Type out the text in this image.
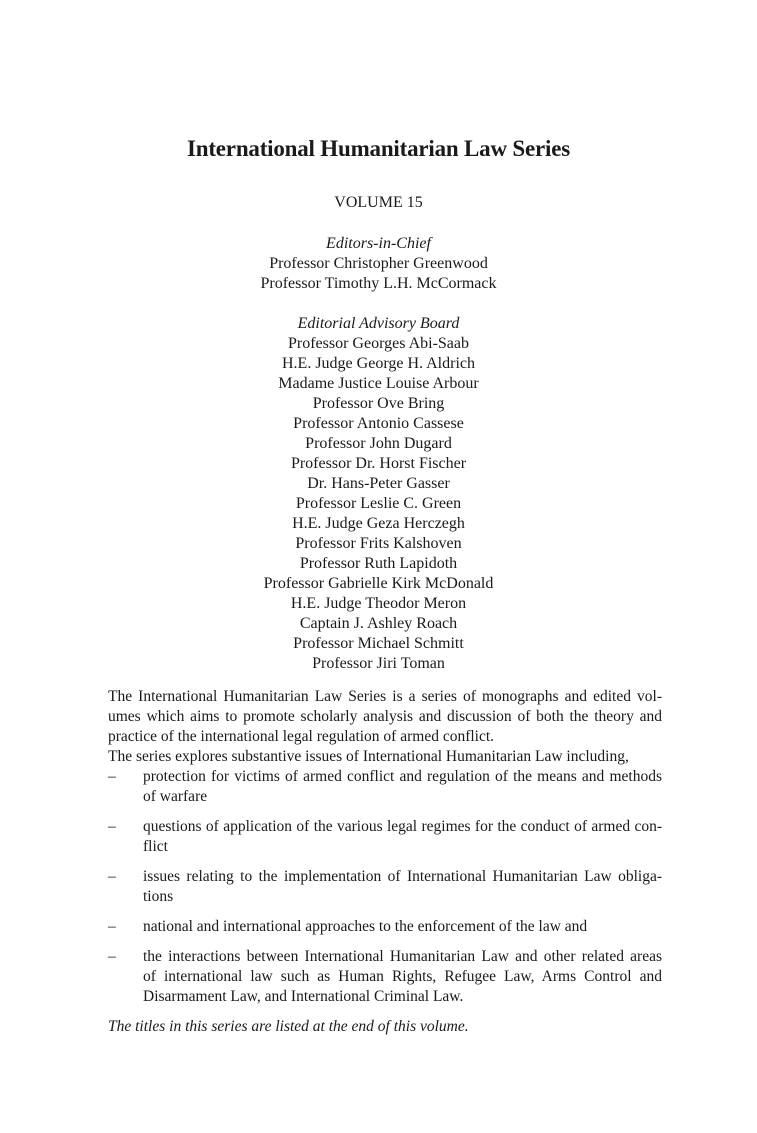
International Humanitarian Law Series
VOLUME 15
Editors-in-Chief
Professor Christopher Greenwood
Professor Timothy L.H. McCormack
Editorial Advisory Board
Professor Georges Abi-Saab
H.E. Judge George H. Aldrich
Madame Justice Louise Arbour
Professor Ove Bring
Professor Antonio Cassese
Professor John Dugard
Professor Dr. Horst Fischer
Dr. Hans-Peter Gasser
Professor Leslie C. Green
H.E. Judge Geza Herczegh
Professor Frits Kalshoven
Professor Ruth Lapidoth
Professor Gabrielle Kirk McDonald
H.E. Judge Theodor Meron
Captain J. Ashley Roach
Professor Michael Schmitt
Professor Jiri Toman
The International Humanitarian Law Series is a series of monographs and edited vol-
umes which aims to promote scholarly analysis and discussion of both the theory and
practice of the international legal regulation of armed conflict.
The series explores substantive issues of International Humanitarian Law including,
– protection for victims of armed conflict and regulation of the means and methods
of warfare
– questions of application of the various legal regimes for the conduct of armed con-
flict
– issues relating to the implementation of International Humanitarian Law obliga-
tions
– national and international approaches to the enforcement of the law and
– the interactions between International Humanitarian Law and other related areas
of international law such as Human Rights, Refugee Law, Arms Control and
Disarmament Law, and International Criminal Law.
The titles in this series are listed at the end of this volume.
